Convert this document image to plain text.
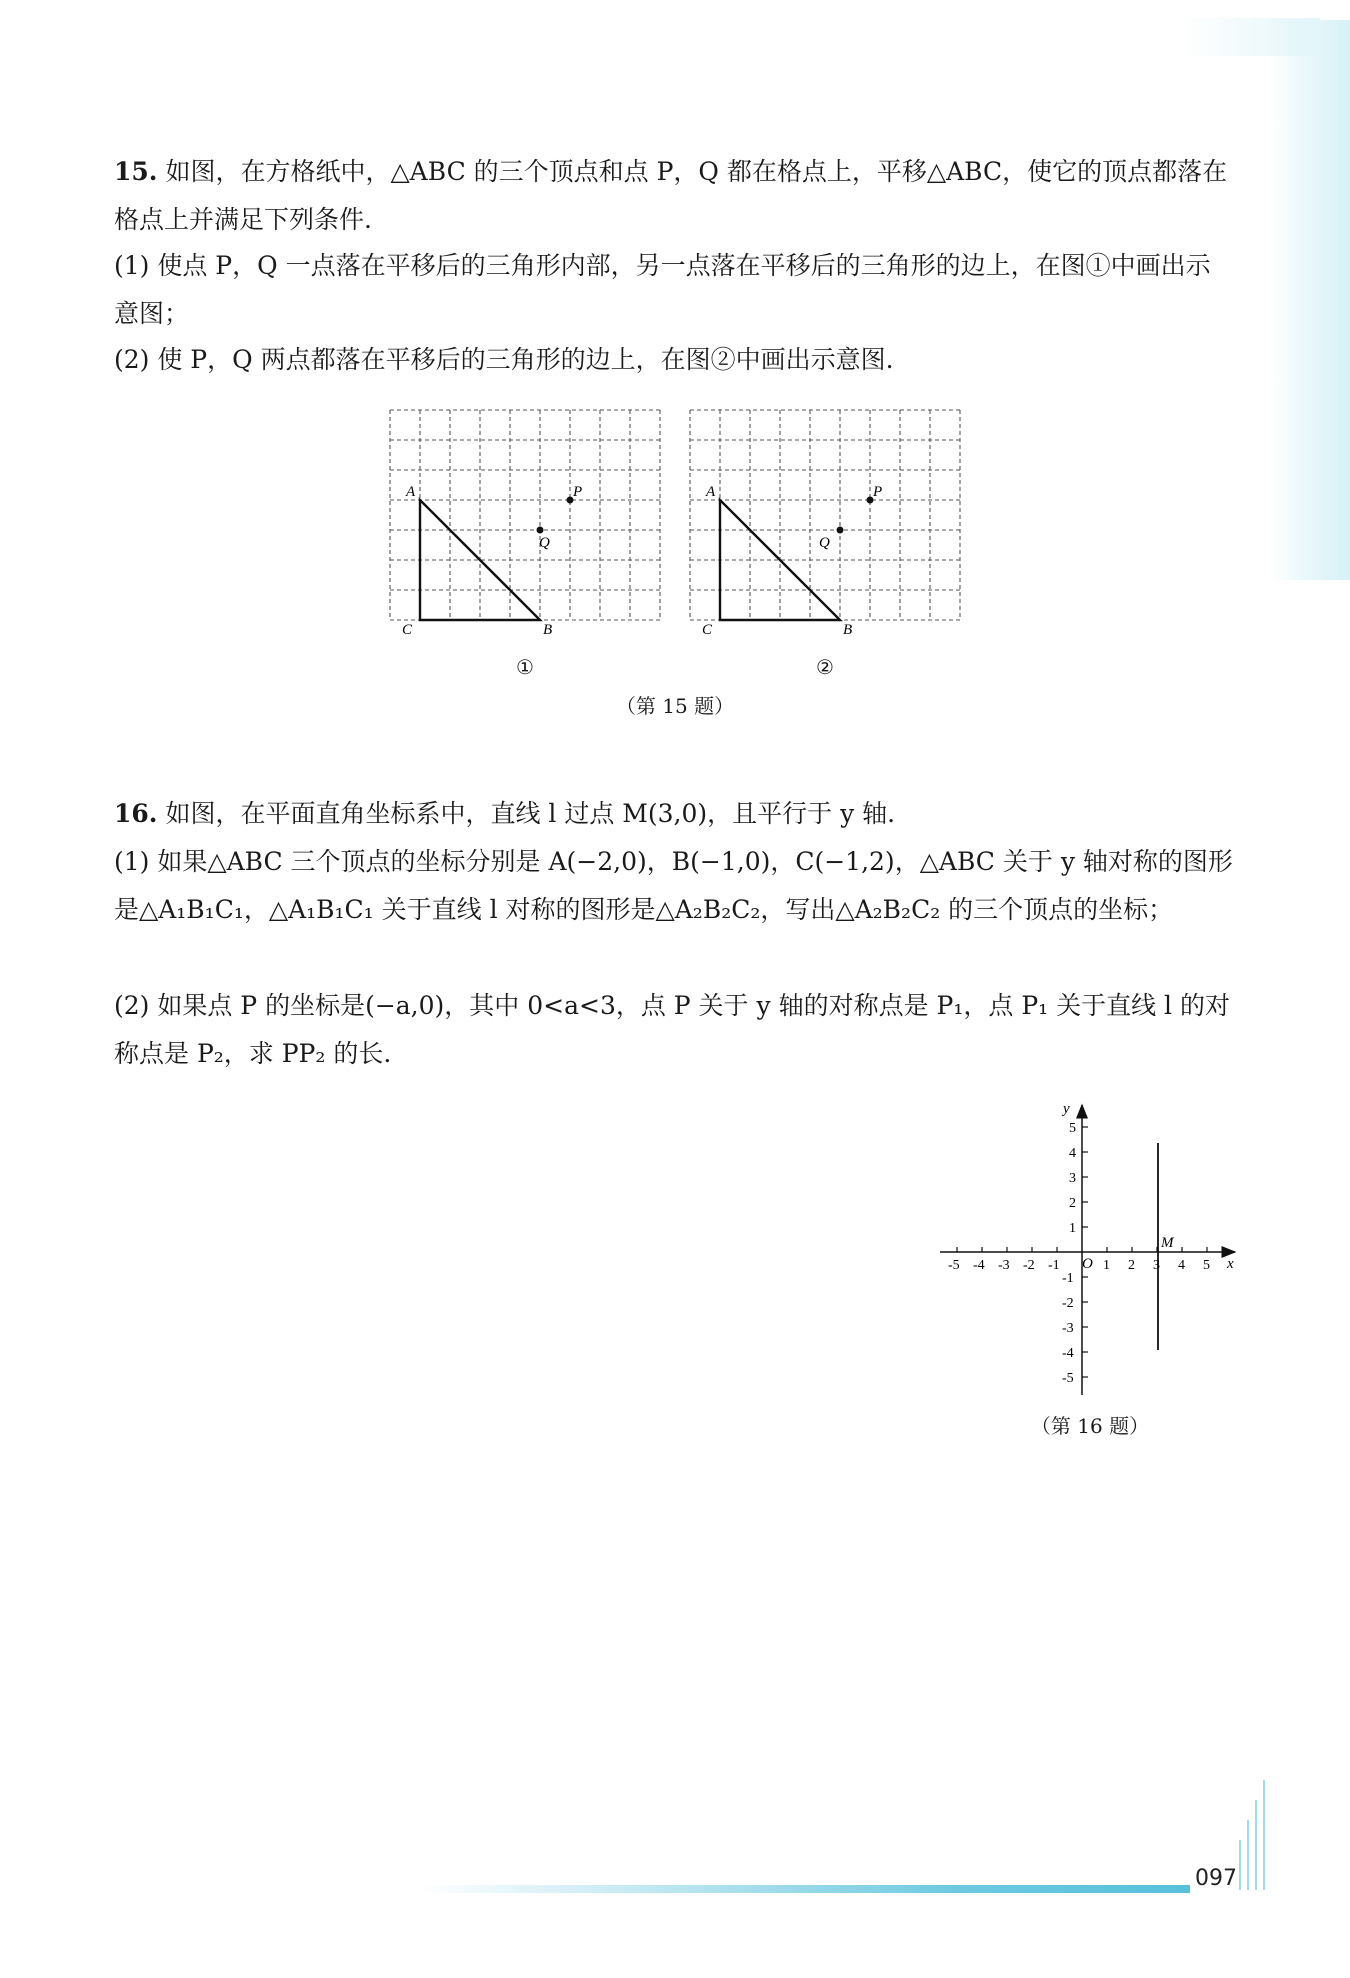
15. 如图，在方格纸中，△ABC 的三个顶点和点 P，Q 都在格点上，平移△ABC，使它的顶点都落在格点上并满足下列条件.

(1) 使点 P，Q 一点落在平移后的三角形内部，另一点落在平移后的三角形的边上，在图①中画出示意图；

(2) 使 P，Q 两点都落在平移后的三角形的边上，在图②中画出示意图.

A	P
Q
C	B
①
A	P
Q
C	B
②
（第 15 题）

16. 如图，在平面直角坐标系中，直线 l 过点 M(3,0)，且平行于 y 轴.

(1) 如果△ABC 三个顶点的坐标分别是 A(−2,0)，B(−1,0)，C(−1,2)，△ABC 关于 y 轴对称的图形是△A₁B₁C₁，△A₁B₁C₁ 关于直线 l 对称的图形是△A₂B₂C₂，写出△A₂B₂C₂ 的三个顶点的坐标；

(2) 如果点 P 的坐标是(−a,0)，其中 0<a<3，点 P 关于 y 轴的对称点是 P₁，点 P₁ 关于直线 l 的对称点是 P₂，求 PP₂ 的长.

-5 -4 -3 -2 -1	1 2 3 4 5
5
4
3
2
1
-1
-2
-3
-4
-5
x
y
O
M
（第 16 题）
097
